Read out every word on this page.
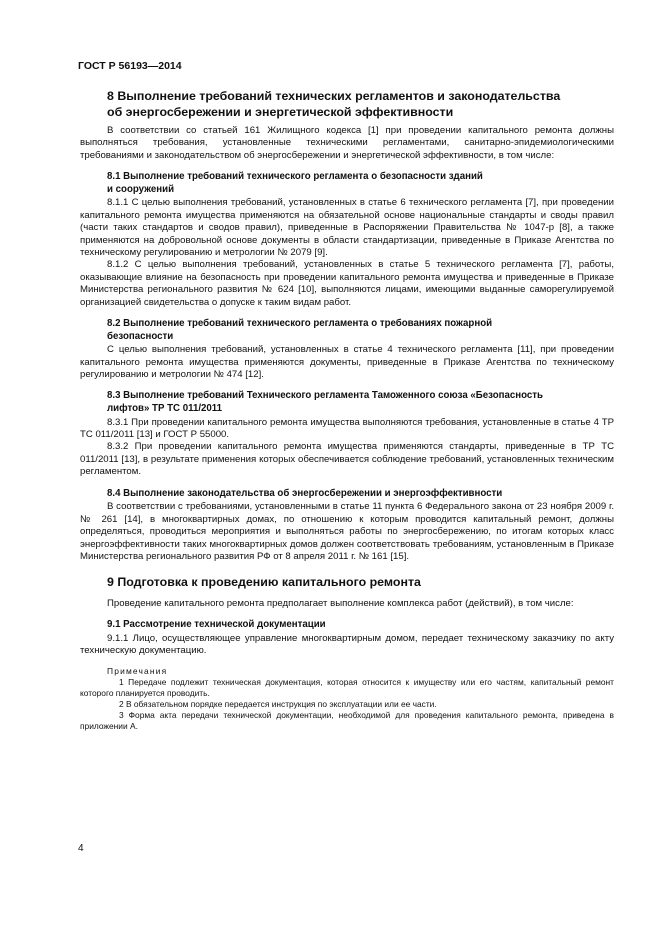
ГОСТ Р 56193—2014
8 Выполнение требований технических регламентов и законодательства
об энергосбережении и энергетической эффективности

В соответствии со статьей 161 Жилищного кодекса [1] при проведении капитального ремонта должны выполняться требования, установленные техническими регламентами, санитарно-эпидемиологическими требованиями и законодательством об энергосбережении и энергетической эффективности, в том числе:

8.1 Выполнение требований технического регламента о безопасности зданий
и сооружений

8.1.1 С целью выполнения требований, установленных в статье 6 технического регламента [7], при проведении капитального ремонта имущества применяются на обязательной основе национальные стандарты и своды правил (части таких стандартов и сводов правил), приведенные в Распоряжении Правительства № 1047-р [8], а также применяются на добровольной основе документы в области стандартизации, приведенные в Приказе Агентства по техническому регулированию и метрологии № 2079 [9].

8.1.2 С целью выполнения требований, установленных в статье 5 технического регламента [7], работы, оказывающие влияние на безопасность при проведении капитального ремонта имущества и приведенные в Приказе Министерства регионального развития № 624 [10], выполняются лицами, имеющими выданные саморегулируемой организацией свидетельства о допуске к таким видам работ.

8.2 Выполнение требований технического регламента о требованиях пожарной
безопасности

С целью выполнения требований, установленных в статье 4 технического регламента [11], при проведении капитального ремонта имущества применяются документы, приведенные в Приказе Агентства по техническому регулированию и метрологии № 474 [12].

8.3 Выполнение требований Технического регламента Таможенного союза «Безопасность
лифтов» ТР ТС 011/2011

8.3.1 При проведении капитального ремонта имущества выполняются требования, установленные в статье 4 ТР ТС 011/2011 [13] и ГОСТ Р 55000.

8.3.2 При проведении капитального ремонта имущества применяются стандарты, приведенные в ТР ТС 011/2011 [13], в результате применения которых обеспечивается соблюдение требований, установленных техническим регламентом.

8.4 Выполнение законодательства об энергосбережении и энергоэффективности

В соответствии с требованиями, установленными в статье 11 пункта 6 Федерального закона от 23 ноября 2009 г. № 261 [14], в многоквартирных домах, по отношению к которым проводится капитальный ремонт, должны определяться, проводиться мероприятия и выполняться работы по энергосбережению, по итогам которых класс энергоэффективности таких многоквартирных домов должен соответствовать требованиям, установленным в Приказе Министерства регионального развития РФ от 8 апреля 2011 г. № 161 [15].

9 Подготовка к проведению капитального ремонта

Проведение капитального ремонта предполагает выполнение комплекса работ (действий), в том числе:

9.1 Рассмотрение технической документации

9.1.1 Лицо, осуществляющее управление многоквартирным домом, передает техническому заказчику по акту техническую документацию.

Примечания

1 Передаче подлежит техническая документация, которая относится к имуществу или его частям, капитальный ремонт которого планируется проводить.

2 В обязательном порядке передается инструкция по эксплуатации или ее части.

3 Форма акта передачи технической документации, необходимой для проведения капитального ремонта, приведена в приложении А.

4
